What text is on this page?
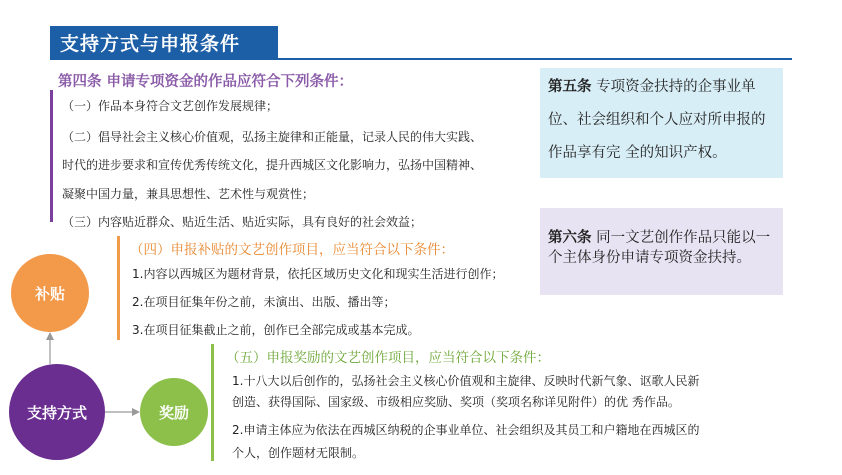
支持方式与申报条件
第四条 申请专项资金的作品应符合下列条件：
（一）作品本身符合文艺创作发展规律；
（二）倡导社会主义核心价值观，弘扬主旋律和正能量，记录人民的伟大实践、
时代的进步要求和宣传优秀传统文化，提升西城区文化影响力，弘扬中国精神、
凝聚中国力量，兼具思想性、艺术性与观赏性；
（三）内容贴近群众、贴近生活、贴近实际，具有良好的社会效益；
（四）申报补贴的文艺创作项目，应当符合以下条件：
1.内容以西城区为题材背景，依托区域历史文化和现实生活进行创作；
2.在项目征集年份之前，未演出、出版、播出等；
3.在项目征集截止之前，创作已全部完成或基本完成。
（五）申报奖励的文艺创作项目，应当符合以下条件：
1.十八大以后创作的，弘扬社会主义核心价值观和主旋律、反映时代新气象、讴歌人民新
创造、获得国际、国家级、市级相应奖励、奖项（奖项名称详见附件）的优 秀作品。
2.申请主体应为依法在西城区纳税的企事业单位、社会组织及其员工和户籍地在西城区的
个人，创作题材无限制。
第五条 专项资金扶持的企事业单位、社会组织和个人应对所申报的作品享有完 全的知识产权。
第六条 同一文艺创作作品只能以一个主体身份申请专项资金扶持。
补贴
支持方式	奖励
